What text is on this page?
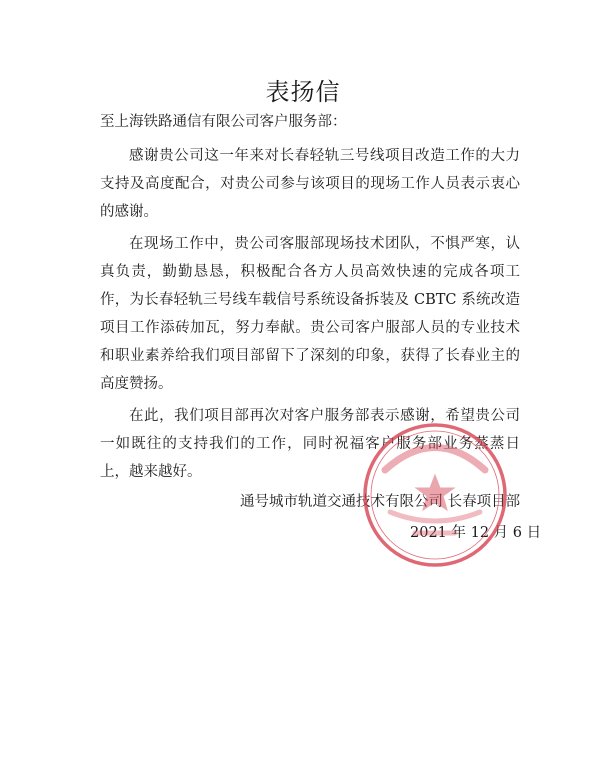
表扬信

至上海铁路通信有限公司客户服务部：

感谢贵公司这一年来对长春轻轨三号线项目改造工作的大力支持及高度配合，对贵公司参与该项目的现场工作人员表示衷心的感谢。

在现场工作中，贵公司客服部现场技术团队，不惧严寒，认真负责，勤勤恳恳，积极配合各方人员高效快速的完成各项工作，为长春轻轨三号线车载信号系统设备拆装及 CBTC 系统改造项目工作添砖加瓦，努力奉献。贵公司客户服部人员的专业技术和职业素养给我们项目部留下了深刻的印象，获得了长春业主的高度赞扬。

在此，我们项目部再次对客户服务部表示感谢，希望贵公司一如既往的支持我们的工作，同时祝福客户服务部业务蒸蒸日上，越来越好。

通号城市轨道交通技术有限公司 长春项目部
2021 年 12 月 6 日
